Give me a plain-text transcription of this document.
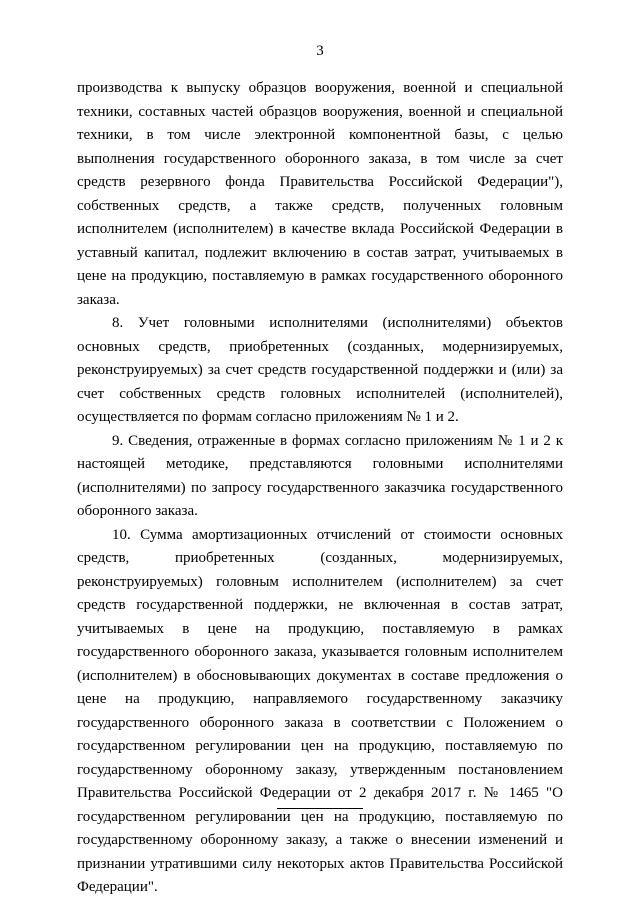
3

производства к выпуску образцов вооружения, военной и специальной техники, составных частей образцов вооружения, военной и специальной техники, в том числе электронной компонентной базы, с целью выполнения государственного оборонного заказа, в том числе за счет средств резервного фонда Правительства Российской Федерации"), собственных средств, а также средств, полученных головным исполнителем (исполнителем) в качестве вклада Российской Федерации в уставный капитал, подлежит включению в состав затрат, учитываемых в цене на продукцию, поставляемую в рамках государственного оборонного заказа.

8. Учет головными исполнителями (исполнителями) объектов основных средств, приобретенных (созданных, модернизируемых, реконструируемых) за счет средств государственной поддержки и (или) за счет собственных средств головных исполнителей (исполнителей), осуществляется по формам согласно приложениям № 1 и 2.

9. Сведения, отраженные в формах согласно приложениям № 1 и 2 к настоящей методике, представляются головными исполнителями (исполнителями) по запросу государственного заказчика государственного оборонного заказа.

10. Сумма амортизационных отчислений от стоимости основных средств, приобретенных (созданных, модернизируемых, реконструируемых) головным исполнителем (исполнителем) за счет средств государственной поддержки, не включенная в состав затрат, учитываемых в цене на продукцию, поставляемую в рамках государственного оборонного заказа, указывается головным исполнителем (исполнителем) в обосновывающих документах в составе предложения о цене на продукцию, направляемого государственному заказчику государственного оборонного заказа в соответствии с Положением о государственном регулировании цен на продукцию, поставляемую по государственному оборонному заказу, утвержденным постановлением Правительства Российской Федерации от 2 декабря 2017 г. № 1465 "О государственном регулировании цен на продукцию, поставляемую по государственному оборонному заказу, а также о внесении изменений и признании утратившими силу некоторых актов Правительства Российской Федерации".
